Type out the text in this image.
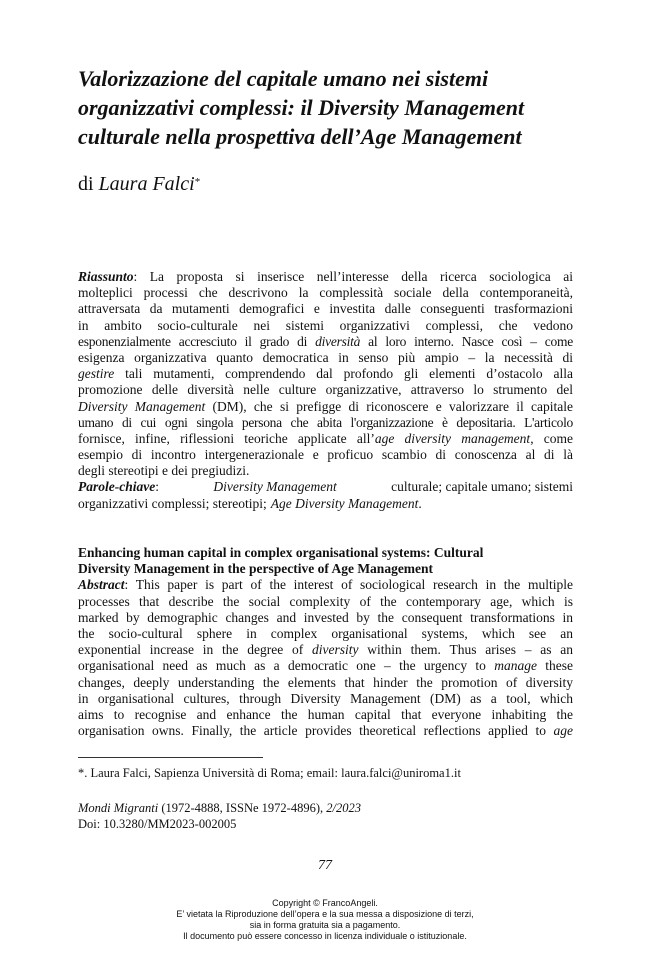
Valorizzazione del capitale umano nei sistemi
organizzativi complessi: il Diversity Management
culturale nella prospettiva dell’Age Management

di Laura Falci*

Riassunto: La proposta si inserisce nell’interesse della ricerca sociologica ai
molteplici processi che descrivono la complessità sociale della contemporaneità,
attraversata da mutamenti demografici e investita dalle conseguenti trasformazioni
in ambito socio-culturale nei sistemi organizzativi complessi, che vedono
esponenzialmente accresciuto il grado di diversità al loro interno. Nasce così – come
esigenza organizzativa quanto democratica in senso più ampio – la necessità di
gestire tali mutamenti, comprendendo dal profondo gli elementi d’ostacolo alla
promozione delle diversità nelle culture organizzative, attraverso lo strumento del
Diversity Management (DM), che si prefigge di riconoscere e valorizzare il capitale
umano di cui ogni singola persona che abita l'organizzazione è depositaria. L'articolo
fornisce, infine, riflessioni teoriche applicate all’age diversity management, come
esempio di incontro intergenerazionale e proficuo scambio di conoscenza al di là
degli stereotipi e dei pregiudizi.
Parole-chiave:	Diversity Management	culturale; capitale umano; sistemi
organizzativi complessi; stereotipi; Age Diversity Management.
Enhancing human capital in complex organisational systems: Cultural
Diversity Management in the perspective of Age Management
Abstract: This paper is part of the interest of sociological research in the multiple
processes that describe the social complexity of the contemporary age, which is
marked by demographic changes and invested by the consequent transformations in
the socio-cultural sphere in complex organisational systems, which see an
exponential increase in the degree of diversity within them. Thus arises – as an
organisational need as much as a democratic one – the urgency to manage these
changes, deeply understanding the elements that hinder the promotion of diversity
in organisational cultures, through Diversity Management (DM) as a tool, which
aims to recognise and enhance the human capital that everyone inhabiting the
organisation owns. Finally, the article provides theoretical reflections applied to age
*. Laura Falci, Sapienza Università di Roma; email: laura.falci@uniroma1.it
Mondi Migranti (1972-4888, ISSNe 1972-4896), 2/2023
Doi: 10.3280/MM2023-002005
77
Copyright © FrancoAngeli.
E’ vietata la Riproduzione dell’opera e la sua messa a disposizione di terzi,
sia in forma gratuita sia a pagamento.
Il documento può essere concesso in licenza individuale o istituzionale.
